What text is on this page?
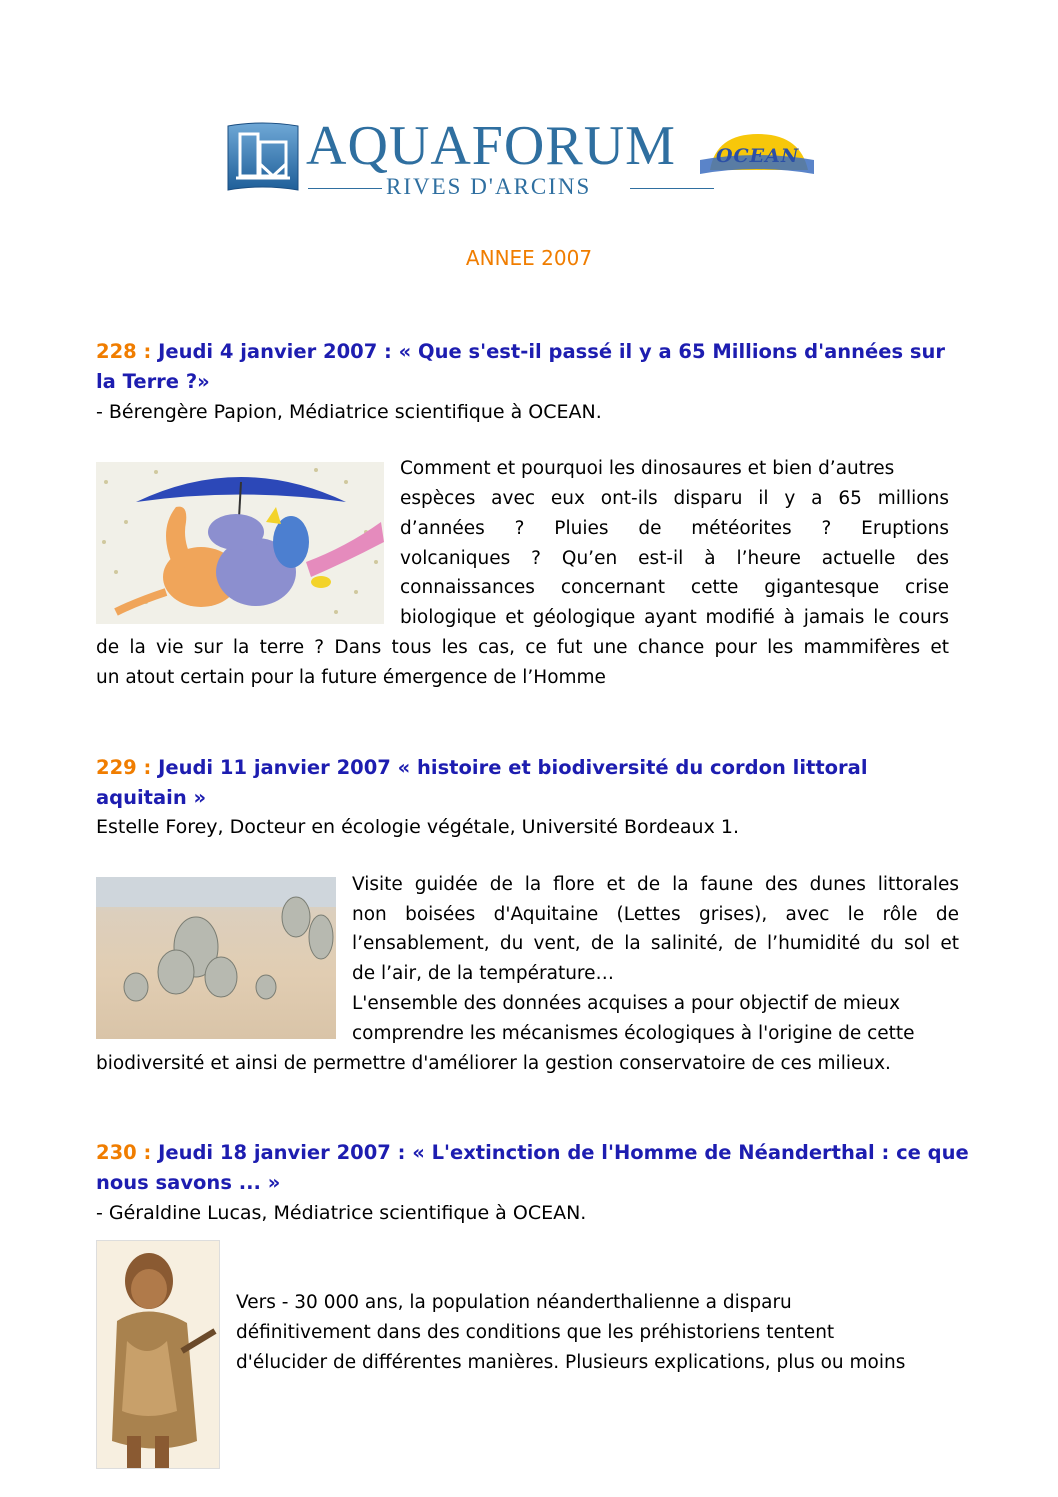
AQUAFORUM
RIVES D'ARCINS
OCEAN
ANNEE 2007
228 : Jeudi 4 janvier 2007 : « Que s'est-il passé il y a 65 Millions d'années sur
la Terre ?»
- Bérengère Papion, Médiatrice scientifique à OCEAN.
Comment et pourquoi les dinosaures et bien d’autres
espèces avec eux ont-ils disparu il y a 65 millions
d’années ? Pluies de météorites ? Eruptions
volcaniques ? Qu’en est-il à l’heure actuelle des
connaissances concernant cette gigantesque crise
biologique et géologique ayant modifié à jamais le cours
de la vie sur la terre ? Dans tous les cas, ce fut une chance pour les mammifères et
un atout certain pour la future émergence de l’Homme
229 : Jeudi 11 janvier 2007 « histoire et biodiversité du cordon littoral
aquitain »
Estelle Forey, Docteur en écologie végétale, Université Bordeaux 1.
Visite guidée de la flore et de la faune des dunes littorales
non boisées d'Aquitaine (Lettes grises), avec le rôle de
l’ensablement, du vent, de la salinité, de l’humidité du sol et
de l’air, de la température…
L'ensemble des données acquises a pour objectif de mieux
comprendre les mécanismes écologiques à l'origine de cette
biodiversité et ainsi de permettre d'améliorer la gestion conservatoire de ces milieux.
230 : Jeudi 18 janvier 2007 : « L'extinction de l'Homme de Néanderthal : ce que
nous savons ... »
- Géraldine Lucas, Médiatrice scientifique à OCEAN.
Vers - 30 000 ans, la population néanderthalienne a disparu
définitivement dans des conditions que les préhistoriens tentent
d'élucider de différentes manières. Plusieurs explications, plus ou moins
